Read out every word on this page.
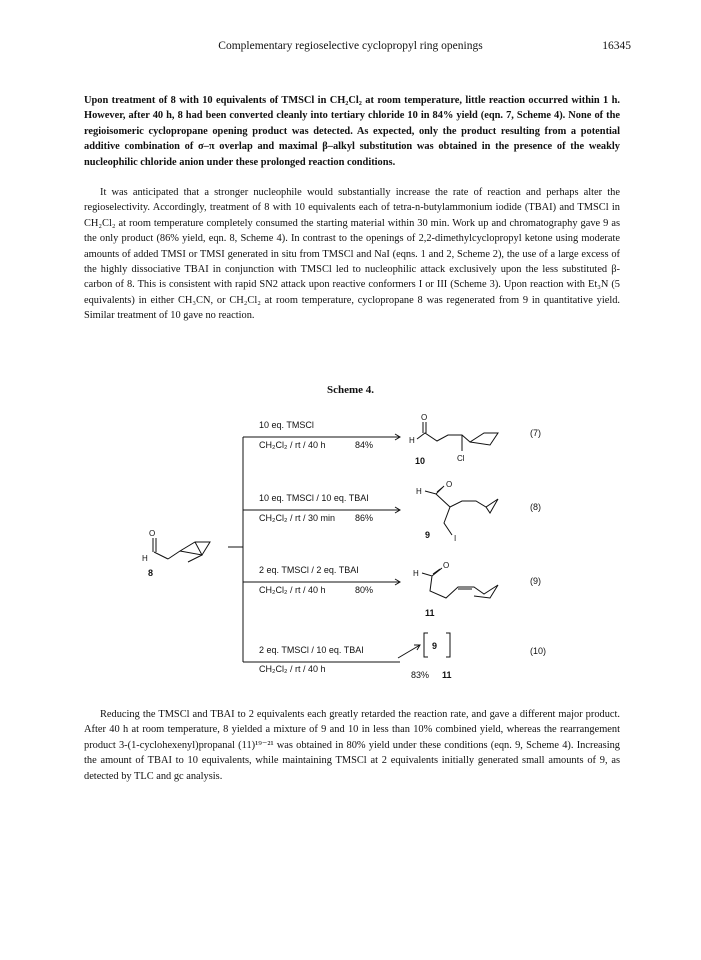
Complementary regioselective cyclopropyl ring openings	16345

Upon treatment of 8 with 10 equivalents of TMSCl in CH₂Cl₂ at room temperature, little reaction occurred within 1 h. However, after 40 h, 8 had been converted cleanly into tertiary chloride 10 in 84% yield (eqn. 7, Scheme 4). None of the regioisomeric cyclopropane opening product was detected. As expected, only the product resulting from a potential additive combination of σ–π overlap and maximal β–alkyl substitution was obtained in the presence of the weakly nucleophilic chloride anion under these prolonged reaction conditions.

It was anticipated that a stronger nucleophile would substantially increase the rate of reaction and perhaps alter the regioselectivity. Accordingly, treatment of 8 with 10 equivalents each of tetra-n-butylammonium iodide (TBAI) and TMSCl in CH₂Cl₂ at room temperature completely consumed the starting material within 30 min. Work up and chromatography gave 9 as the only product (86% yield, eqn. 8, Scheme 4). In contrast to the openings of 2,2-dimethylcyclopropyl ketone using moderate amounts of added TMSI or TMSI generated in situ from TMSCl and NaI (eqns. 1 and 2, Scheme 2), the use of a large excess of the highly dissociative TBAI in conjunction with TMSCl led to nucleophilic attack exclusively upon the less substituted β-carbon of 8. This is consistent with rapid SN2 attack upon reactive conformers I or III (Scheme 3). Upon reaction with Et₃N (5 equivalents) in either CH₃CN, or CH₂Cl₂ at room temperature, cyclopropane 8 was regenerated from 9 in quantitative yield. Similar treatment of 10 gave no reaction.

Scheme 4.
O
H
8
10 eq. TMSCl
CH₂Cl₂ / rt / 40 h	84%
O
H
Cl
10
(7)
10 eq. TMSCl / 10 eq. TBAI
CH₂Cl₂ / rt / 30 min 86%
H
O
I
9
(8)
2 eq. TMSCl / 2 eq. TBAI
CH₂Cl₂ / rt / 40 h	80%
H
O
11
(9)
2 eq. TMSCl / 10 eq. TBAI
CH₂Cl₂ / rt / 40 h
9
83% 11
(10)

Reducing the TMSCl and TBAI to 2 equivalents each greatly retarded the reaction rate, and gave a different major product. After 40 h at room temperature, 8 yielded a mixture of 9 and 10 in less than 10% combined yield, whereas the rearrangement product 3-(1-cyclohexenyl)propanal (11)¹⁹⁻²¹ was obtained in 80% yield under these conditions (eqn. 9, Scheme 4). Increasing the amount of TBAI to 10 equivalents, while maintaining TMSCl at 2 equivalents initially generated small amounts of 9, as detected by TLC and gc analysis.
